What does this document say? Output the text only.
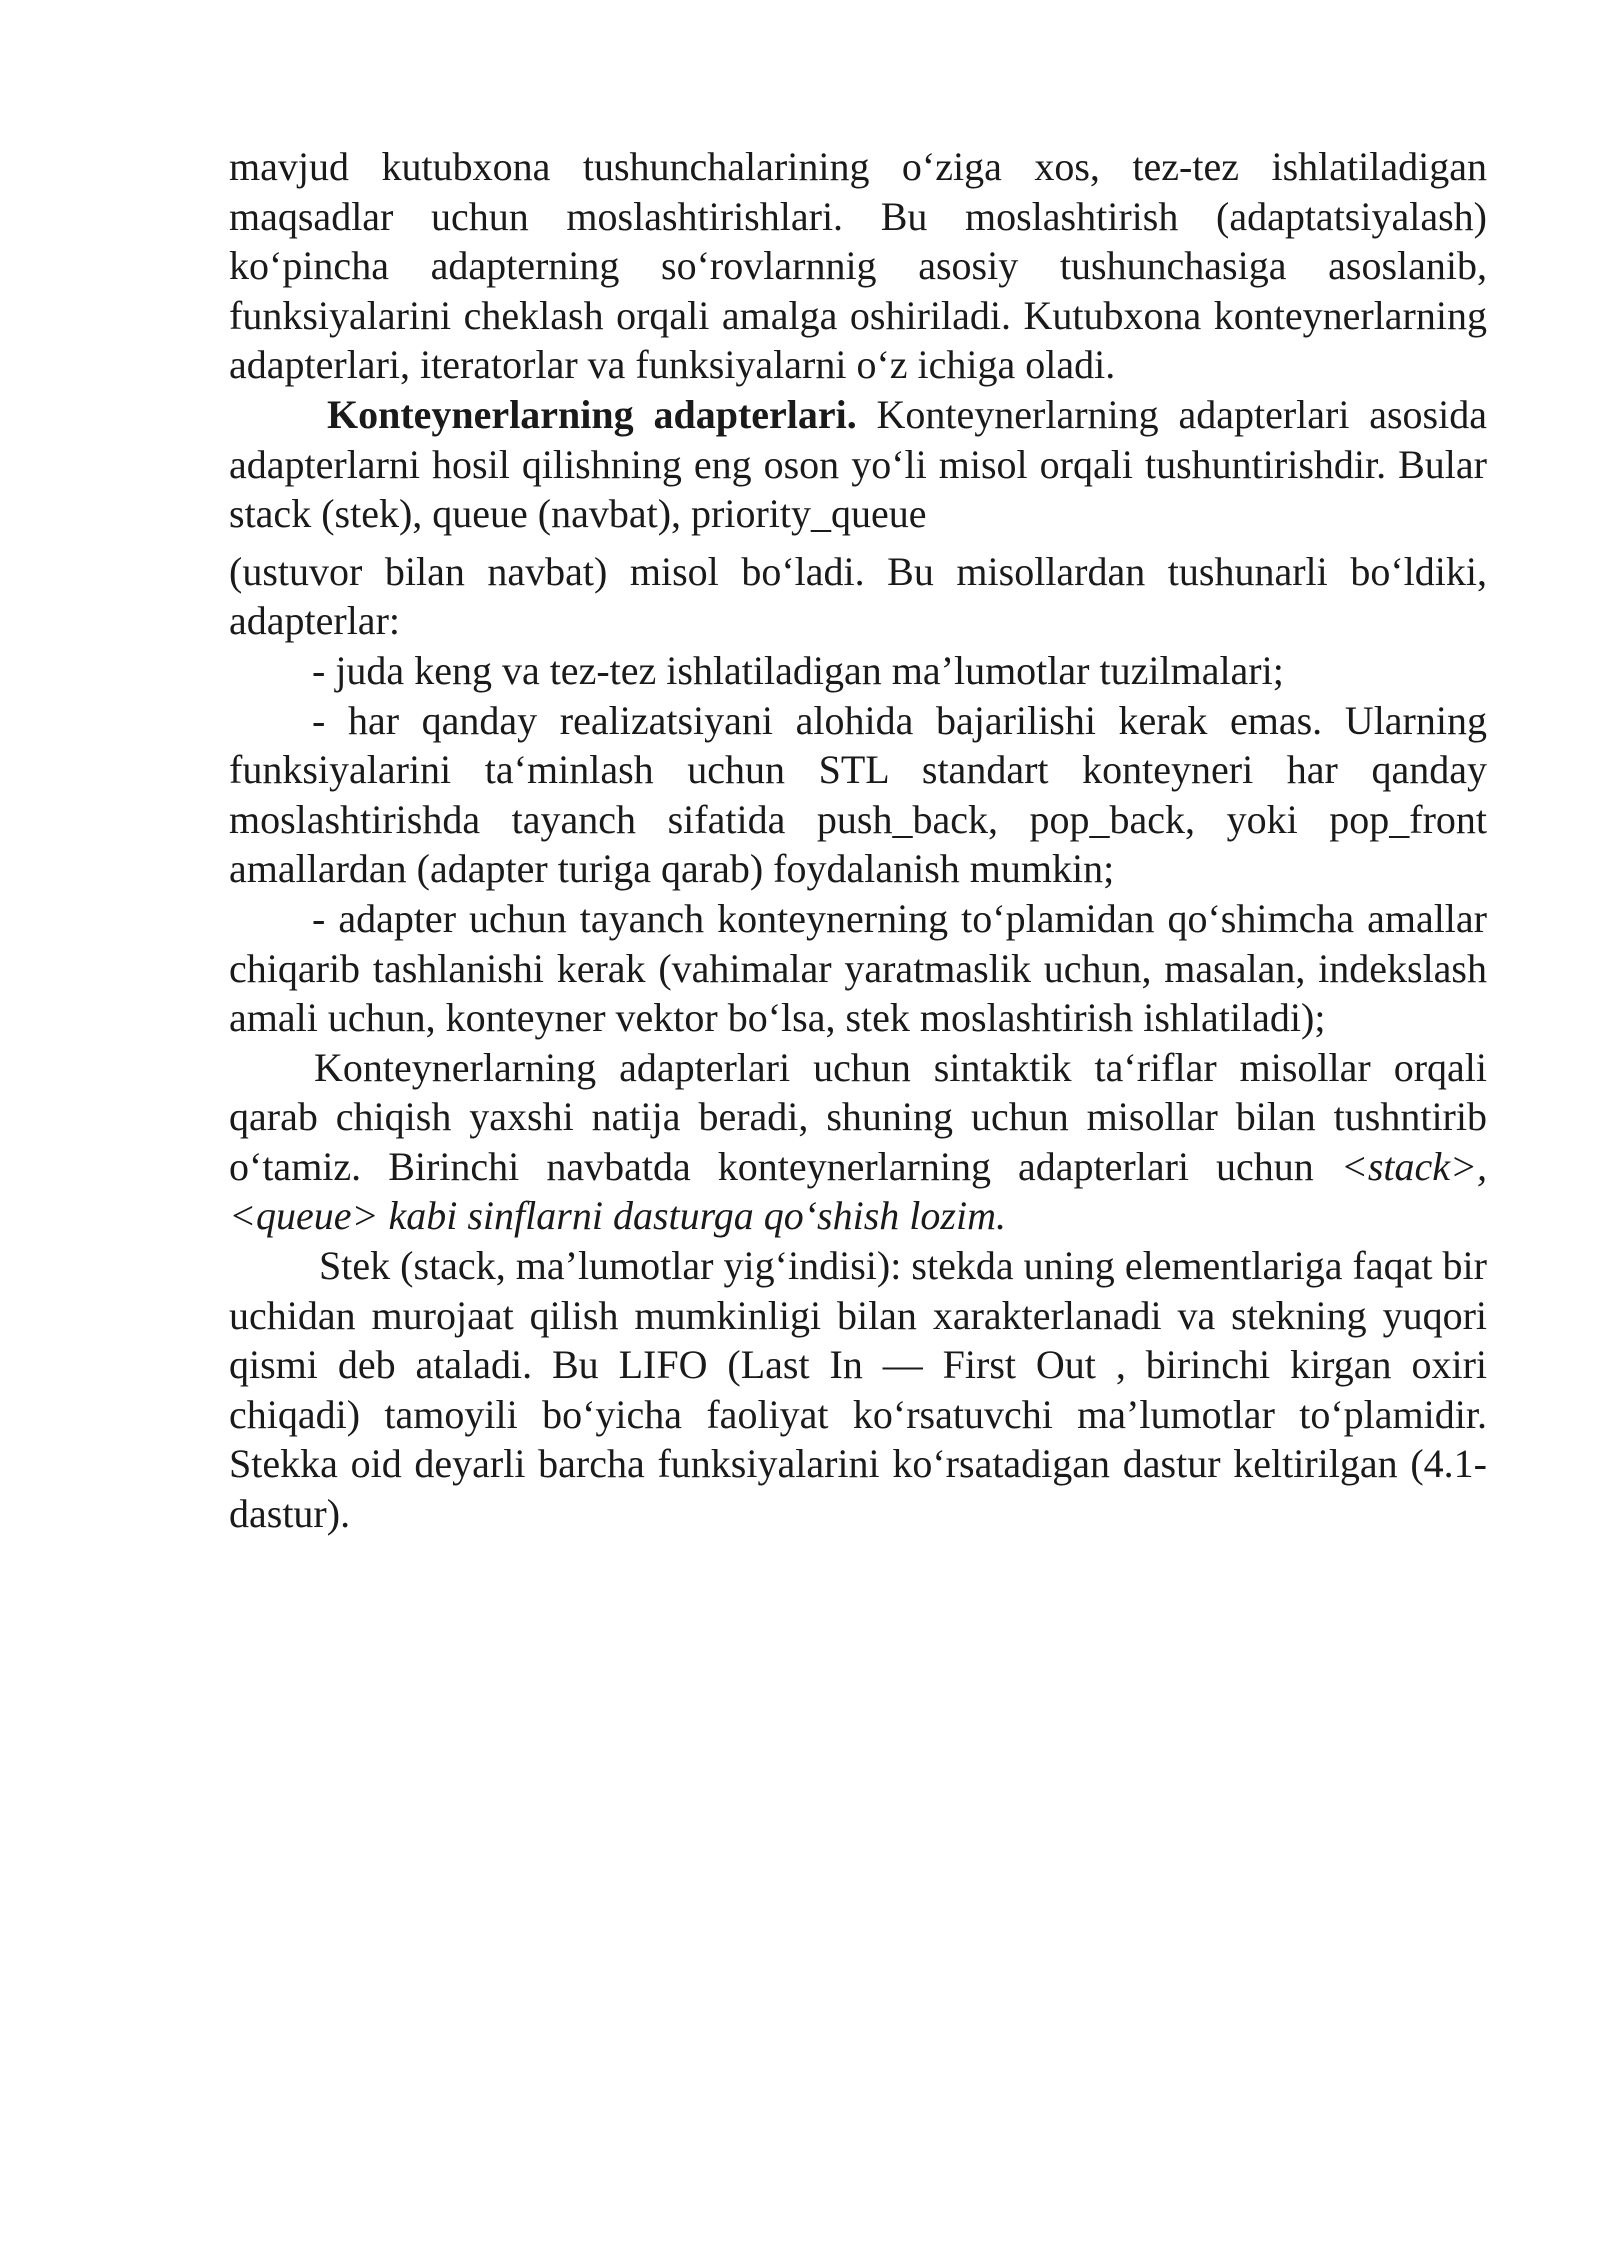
mavjud kutubxona tushunchalarining o‘ziga xos, tez-tez ishlatiladigan maqsadlar uchun moslashtirishlari. Bu moslashtirish (adaptatsiyalash) ko‘pincha adapterning so‘rovlarnnig asosiy tushunchasiga asoslanib, funksiyalarini cheklash orqali amalga oshiriladi. Kutubxona konteynerlarning adapterlari, iteratorlar va funksiyalarni o‘z ichiga oladi.

Konteynerlarning adapterlari. Konteynerlarning adapterlari asosida adapterlarni hosil qilishning eng oson yo‘li misol orqali tushuntirishdir. Bular stack (stek), queue (navbat), priority_queue

(ustuvor bilan navbat) misol bo‘ladi. Bu misollardan tushunarli bo‘ldiki, adapterlar:

- juda keng va tez-tez ishlatiladigan ma’lumotlar tuzilmalari;

- har qanday realizatsiyani alohida bajarilishi kerak emas. Ularning funksiyalarini ta‘minlash uchun STL standart konteyneri har qanday moslashtirishda tayanch sifatida push_back, pop_back, yoki pop_front amallardan (adapter turiga qarab) foydalanish mumkin;

- adapter uchun tayanch konteynerning to‘plamidan qo‘shimcha amallar chiqarib tashlanishi kerak (vahimalar yaratmaslik uchun, masalan, indekslash amali uchun, konteyner vektor bo‘lsa, stek moslashtirish ishlatiladi);

Konteynerlarning adapterlari uchun sintaktik ta‘riflar misollar orqali qarab chiqish yaxshi natija beradi, shuning uchun misollar bilan tushntirib o‘tamiz. Birinchi navbatda konteynerlarning adapterlari uchun <stack>, <queue> kabi sinflarni dasturga qo‘shish lozim.

Stek (stack, ma’lumotlar yig‘indisi): stekda uning elementlariga faqat bir uchidan murojaat qilish mumkinligi bilan xarakterlanadi va stekning yuqori qismi deb ataladi. Bu LIFO (Last In — First Out , birinchi kirgan oxiri chiqadi) tamoyili bo‘yicha faoliyat ko‘rsatuvchi ma’lumotlar to‘plamidir. Stekka oid deyarli barcha funksiyalarini ko‘rsatadigan dastur keltirilgan (4.1-dastur).
